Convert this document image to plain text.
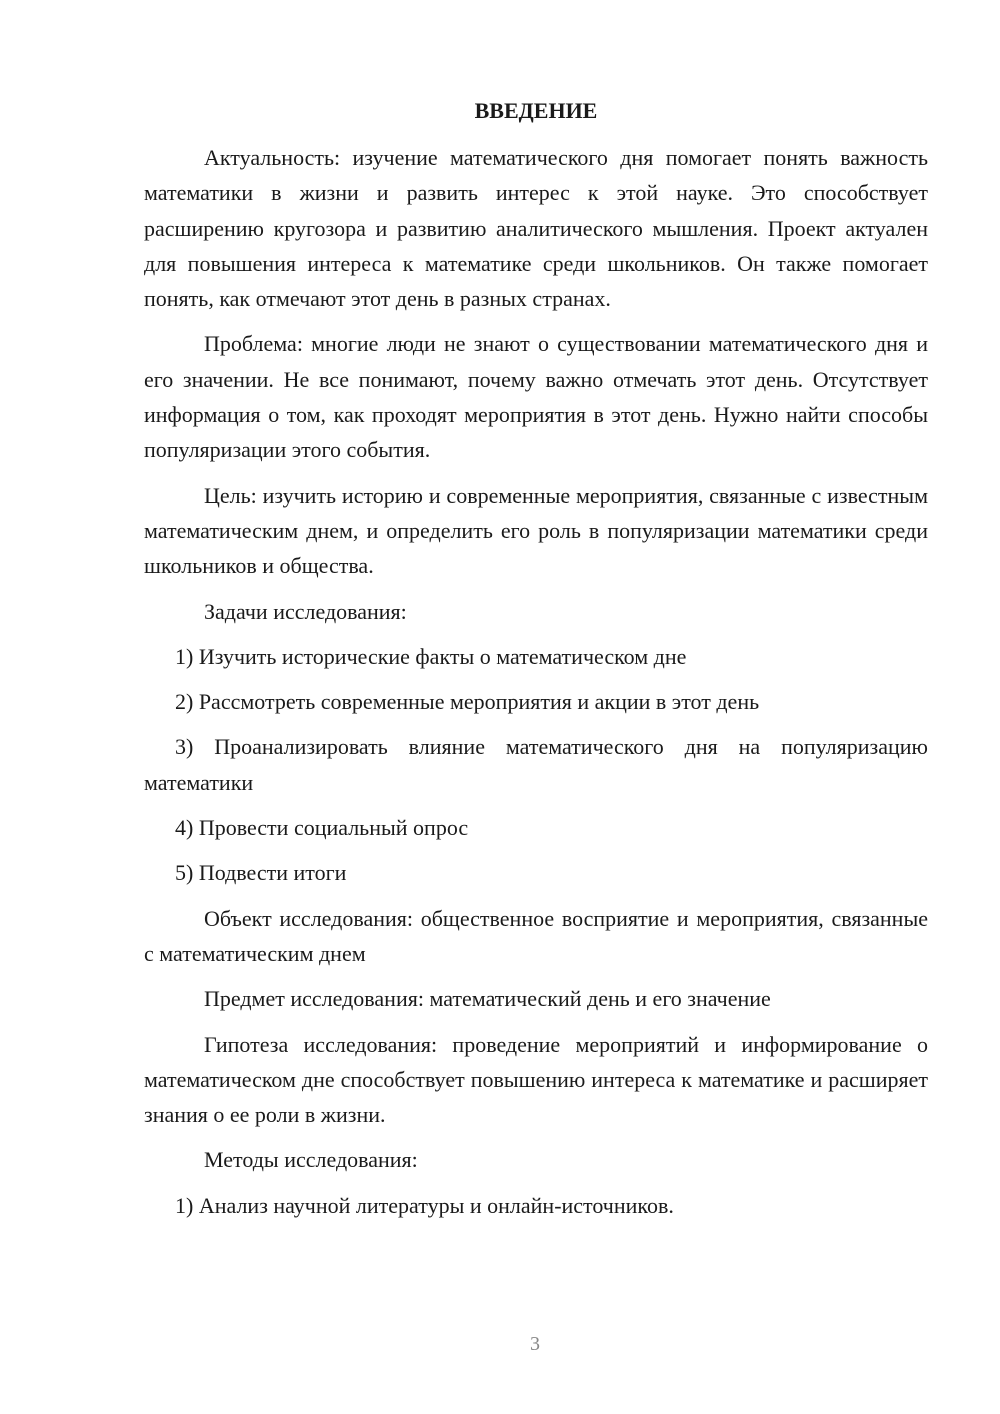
ВВЕДЕНИЕ

Актуальность: изучение математического дня помогает понять важность математики в жизни и развить интерес к этой науке. Это способствует расширению кругозора и развитию аналитического мышления. Проект актуален для повышения интереса к математике среди школьников. Он также помогает понять, как отмечают этот день в разных странах.

Проблема: многие люди не знают о существовании математического дня и его значении. Не все понимают, почему важно отмечать этот день. Отсутствует информация о том, как проходят мероприятия в этот день. Нужно найти способы популяризации этого события.

Цель: изучить историю и современные мероприятия, связанные с известным математическим днем, и определить его роль в популяризации математики среди школьников и общества.

Задачи исследования:

1) Изучить исторические факты о математическом дне

2) Рассмотреть современные мероприятия и акции в этот день

3) Проанализировать влияние математического дня на популяризацию математики

4) Провести социальный опрос

5) Подвести итоги

Объект исследования: общественное восприятие и мероприятия, связанные с математическим днем

Предмет исследования: математический день и его значение

Гипотеза исследования: проведение мероприятий и информирование о математическом дне способствует повышению интереса к математике и расширяет знания о ее роли в жизни.

Методы исследования:

1) Анализ научной литературы и онлайн-источников.

3
